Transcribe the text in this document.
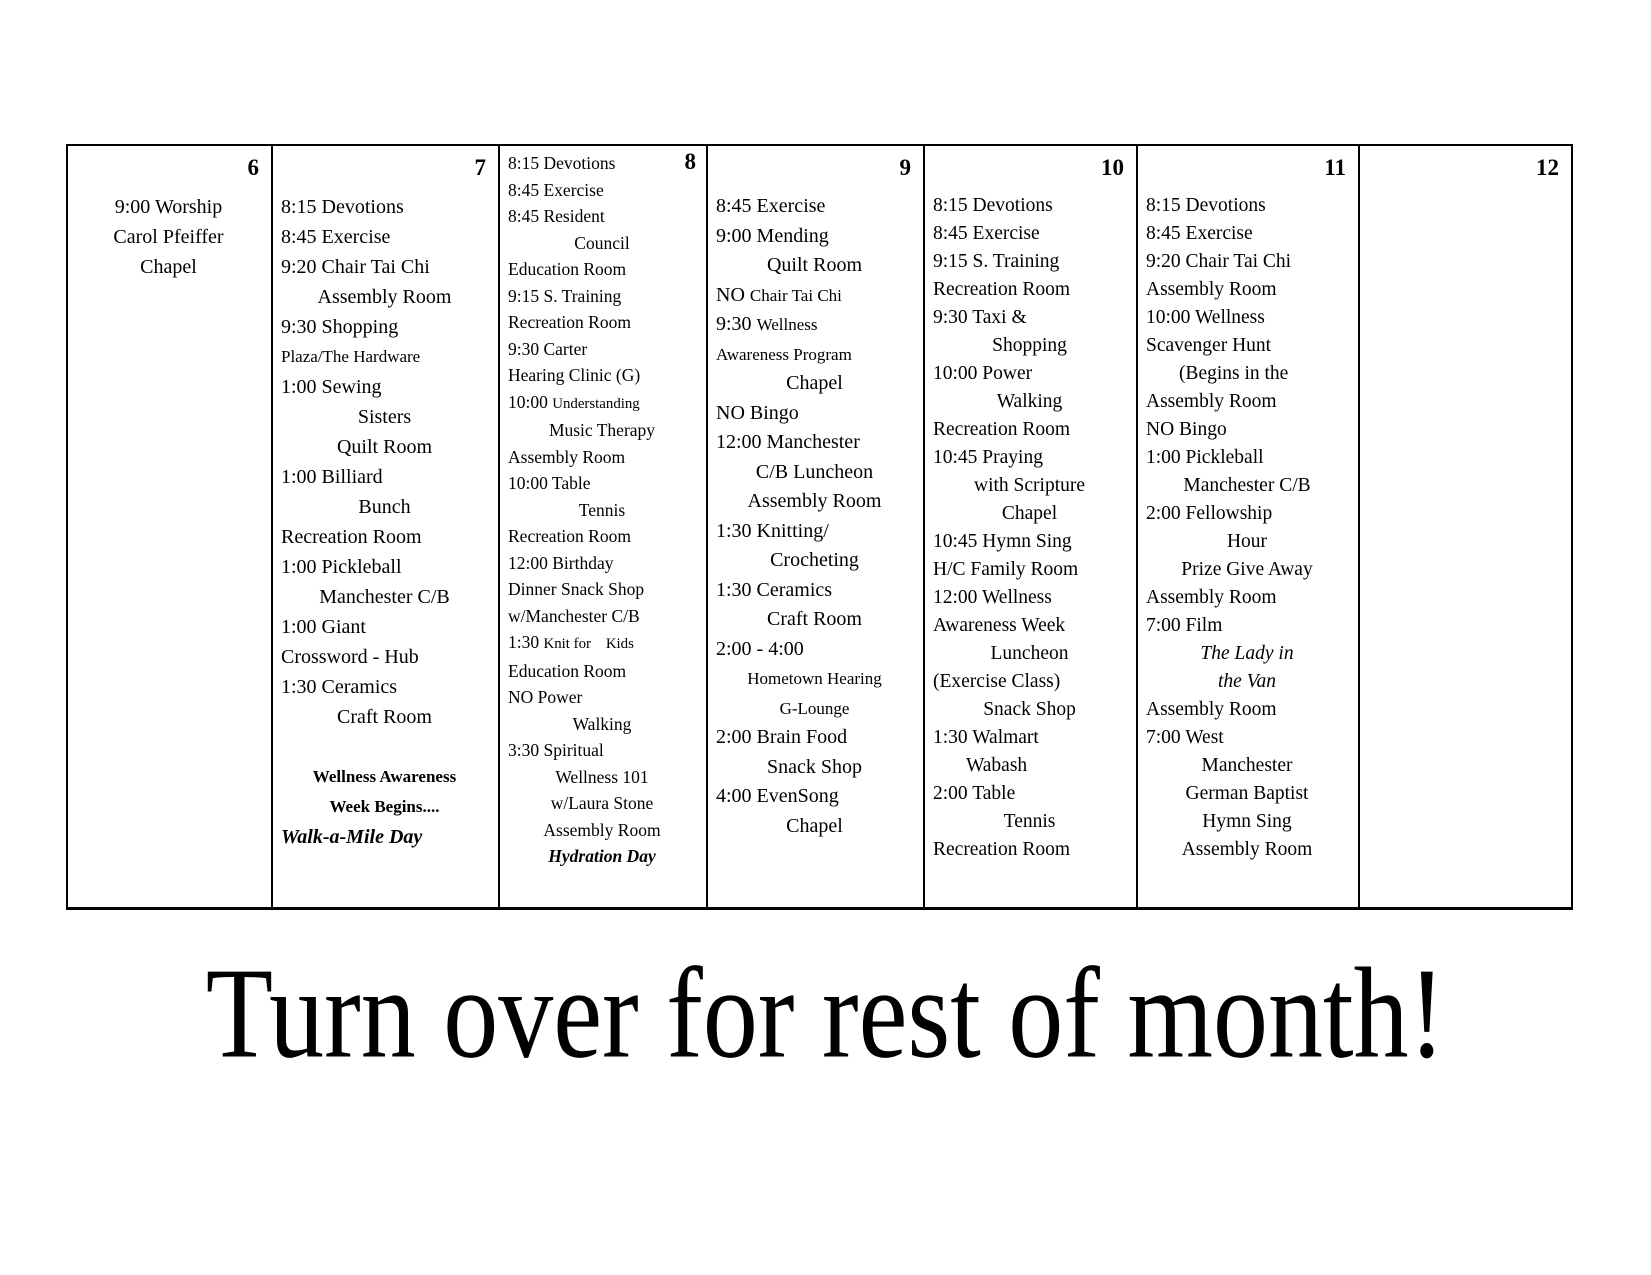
6
9:00 Worship
Carol Pfeiffer
Chapel
7
8:15 Devotions
8:45 Exercise
9:20 Chair Tai Chi
Assembly Room
9:30 Shopping
Plaza/The Hardware
1:00 Sewing
Sisters
Quilt Room
1:00 Billiard
Bunch
Recreation Room
1:00 Pickleball
Manchester C/B
1:00 Giant
Crossword - Hub
1:30 Ceramics
Craft Room

Wellness Awareness
Week Begins....
Walk-a-Mile Day
8:15 Devotions	8
8:45 Exercise
8:45 Resident
Council
Education Room
9:15 S. Training
Recreation Room
9:30 Carter
Hearing Clinic (G)
10:00 Understanding
Music Therapy
Assembly Room
10:00 Table
Tennis
Recreation Room
12:00 Birthday
Dinner Snack Shop
w/Manchester C/B
1:30 Knit for    Kids
Education Room
NO Power
Walking
3:30 Spiritual
Wellness 101
w/Laura Stone
Assembly Room
Hydration Day
9
8:45 Exercise
9:00 Mending
Quilt Room
NO Chair Tai Chi
9:30 Wellness
Awareness Program
Chapel
NO Bingo
12:00 Manchester
C/B Luncheon
Assembly Room
1:30 Knitting/
Crocheting
1:30 Ceramics
Craft Room
2:00 - 4:00
Hometown Hearing
G-Lounge
2:00 Brain Food
Snack Shop
4:00 EvenSong
Chapel
10
8:15 Devotions
8:45 Exercise
9:15 S. Training
Recreation Room
9:30 Taxi &
Shopping
10:00 Power
Walking
Recreation Room
10:45 Praying
with Scripture
Chapel
10:45 Hymn Sing
H/C Family Room
12:00 Wellness
Awareness Week
Luncheon
(Exercise Class)
Snack Shop
1:30 Walmart
Wabash
2:00 Table
Tennis
Recreation Room
11
8:15 Devotions
8:45 Exercise
9:20 Chair Tai Chi
Assembly Room
10:00 Wellness
Scavenger Hunt
(Begins in the
Assembly Room
NO Bingo
1:00 Pickleball
Manchester C/B
2:00 Fellowship
Hour
Prize Give Away
Assembly Room
7:00 Film
The Lady in
the Van
Assembly Room
7:00 West
Manchester
German Baptist
Hymn Sing
Assembly Room
12
Turn over for rest of month!
